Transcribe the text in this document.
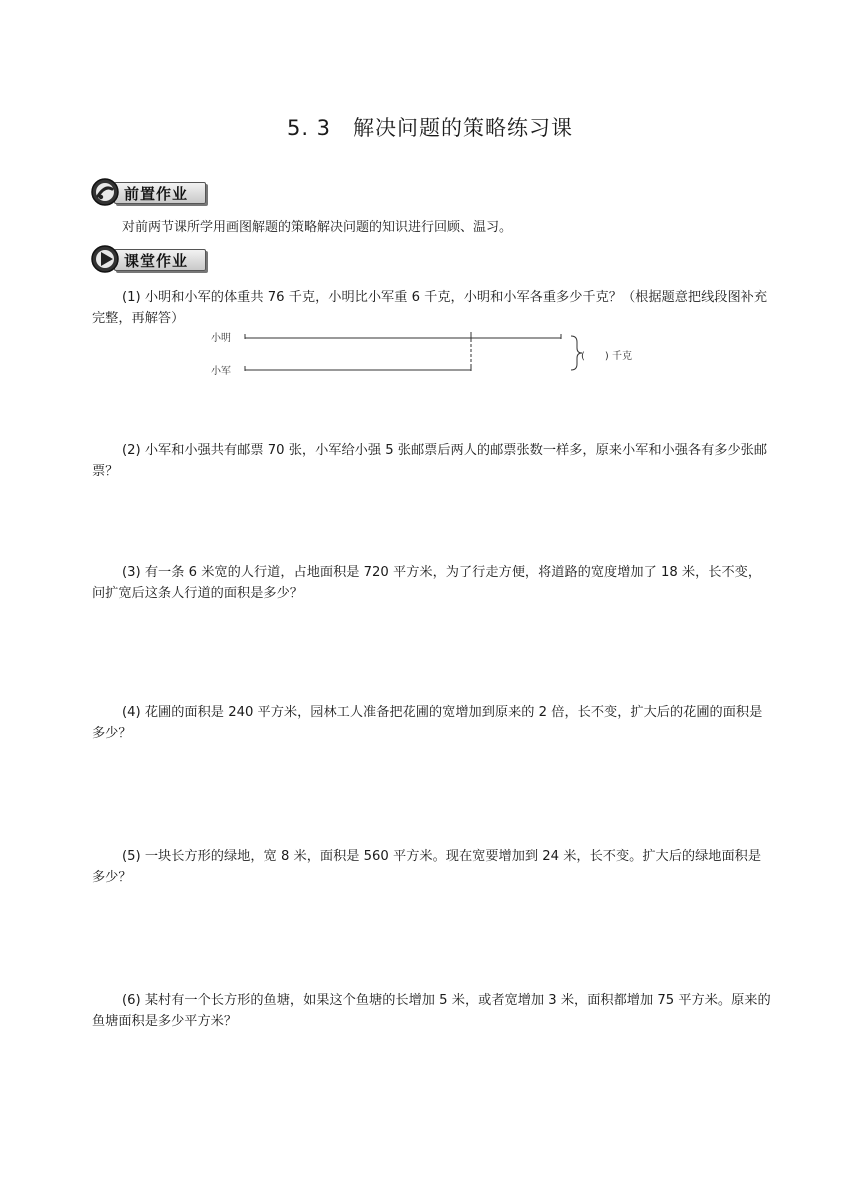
5. 3 解决问题的策略练习课
前置作业
对前两节课所学用画图解题的策略解决问题的知识进行回顾、温习。
课堂作业

(1) 小明和小军的体重共 76 千克，小明比小军重 6 千克，小明和小军各重多少千克？（根据题意把线段图补充完整，再解答）

小明
小军
(　　) 千克

(2) 小军和小强共有邮票 70 张，小军给小强 5 张邮票后两人的邮票张数一样多，原来小军和小强各有多少张邮票？

(3) 有一条 6 米宽的人行道，占地面积是 720 平方米，为了行走方便，将道路的宽度增加了 18 米，长不变，问扩宽后这条人行道的面积是多少？

(4) 花圃的面积是 240 平方米，园林工人准备把花圃的宽增加到原来的 2 倍，长不变，扩大后的花圃的面积是多少？

(5) 一块长方形的绿地，宽 8 米，面积是 560 平方米。现在宽要增加到 24 米，长不变。扩大后的绿地面积是多少？

(6) 某村有一个长方形的鱼塘，如果这个鱼塘的长增加 5 米，或者宽增加 3 米，面积都增加 75 平方米。原来的鱼塘面积是多少平方米？
